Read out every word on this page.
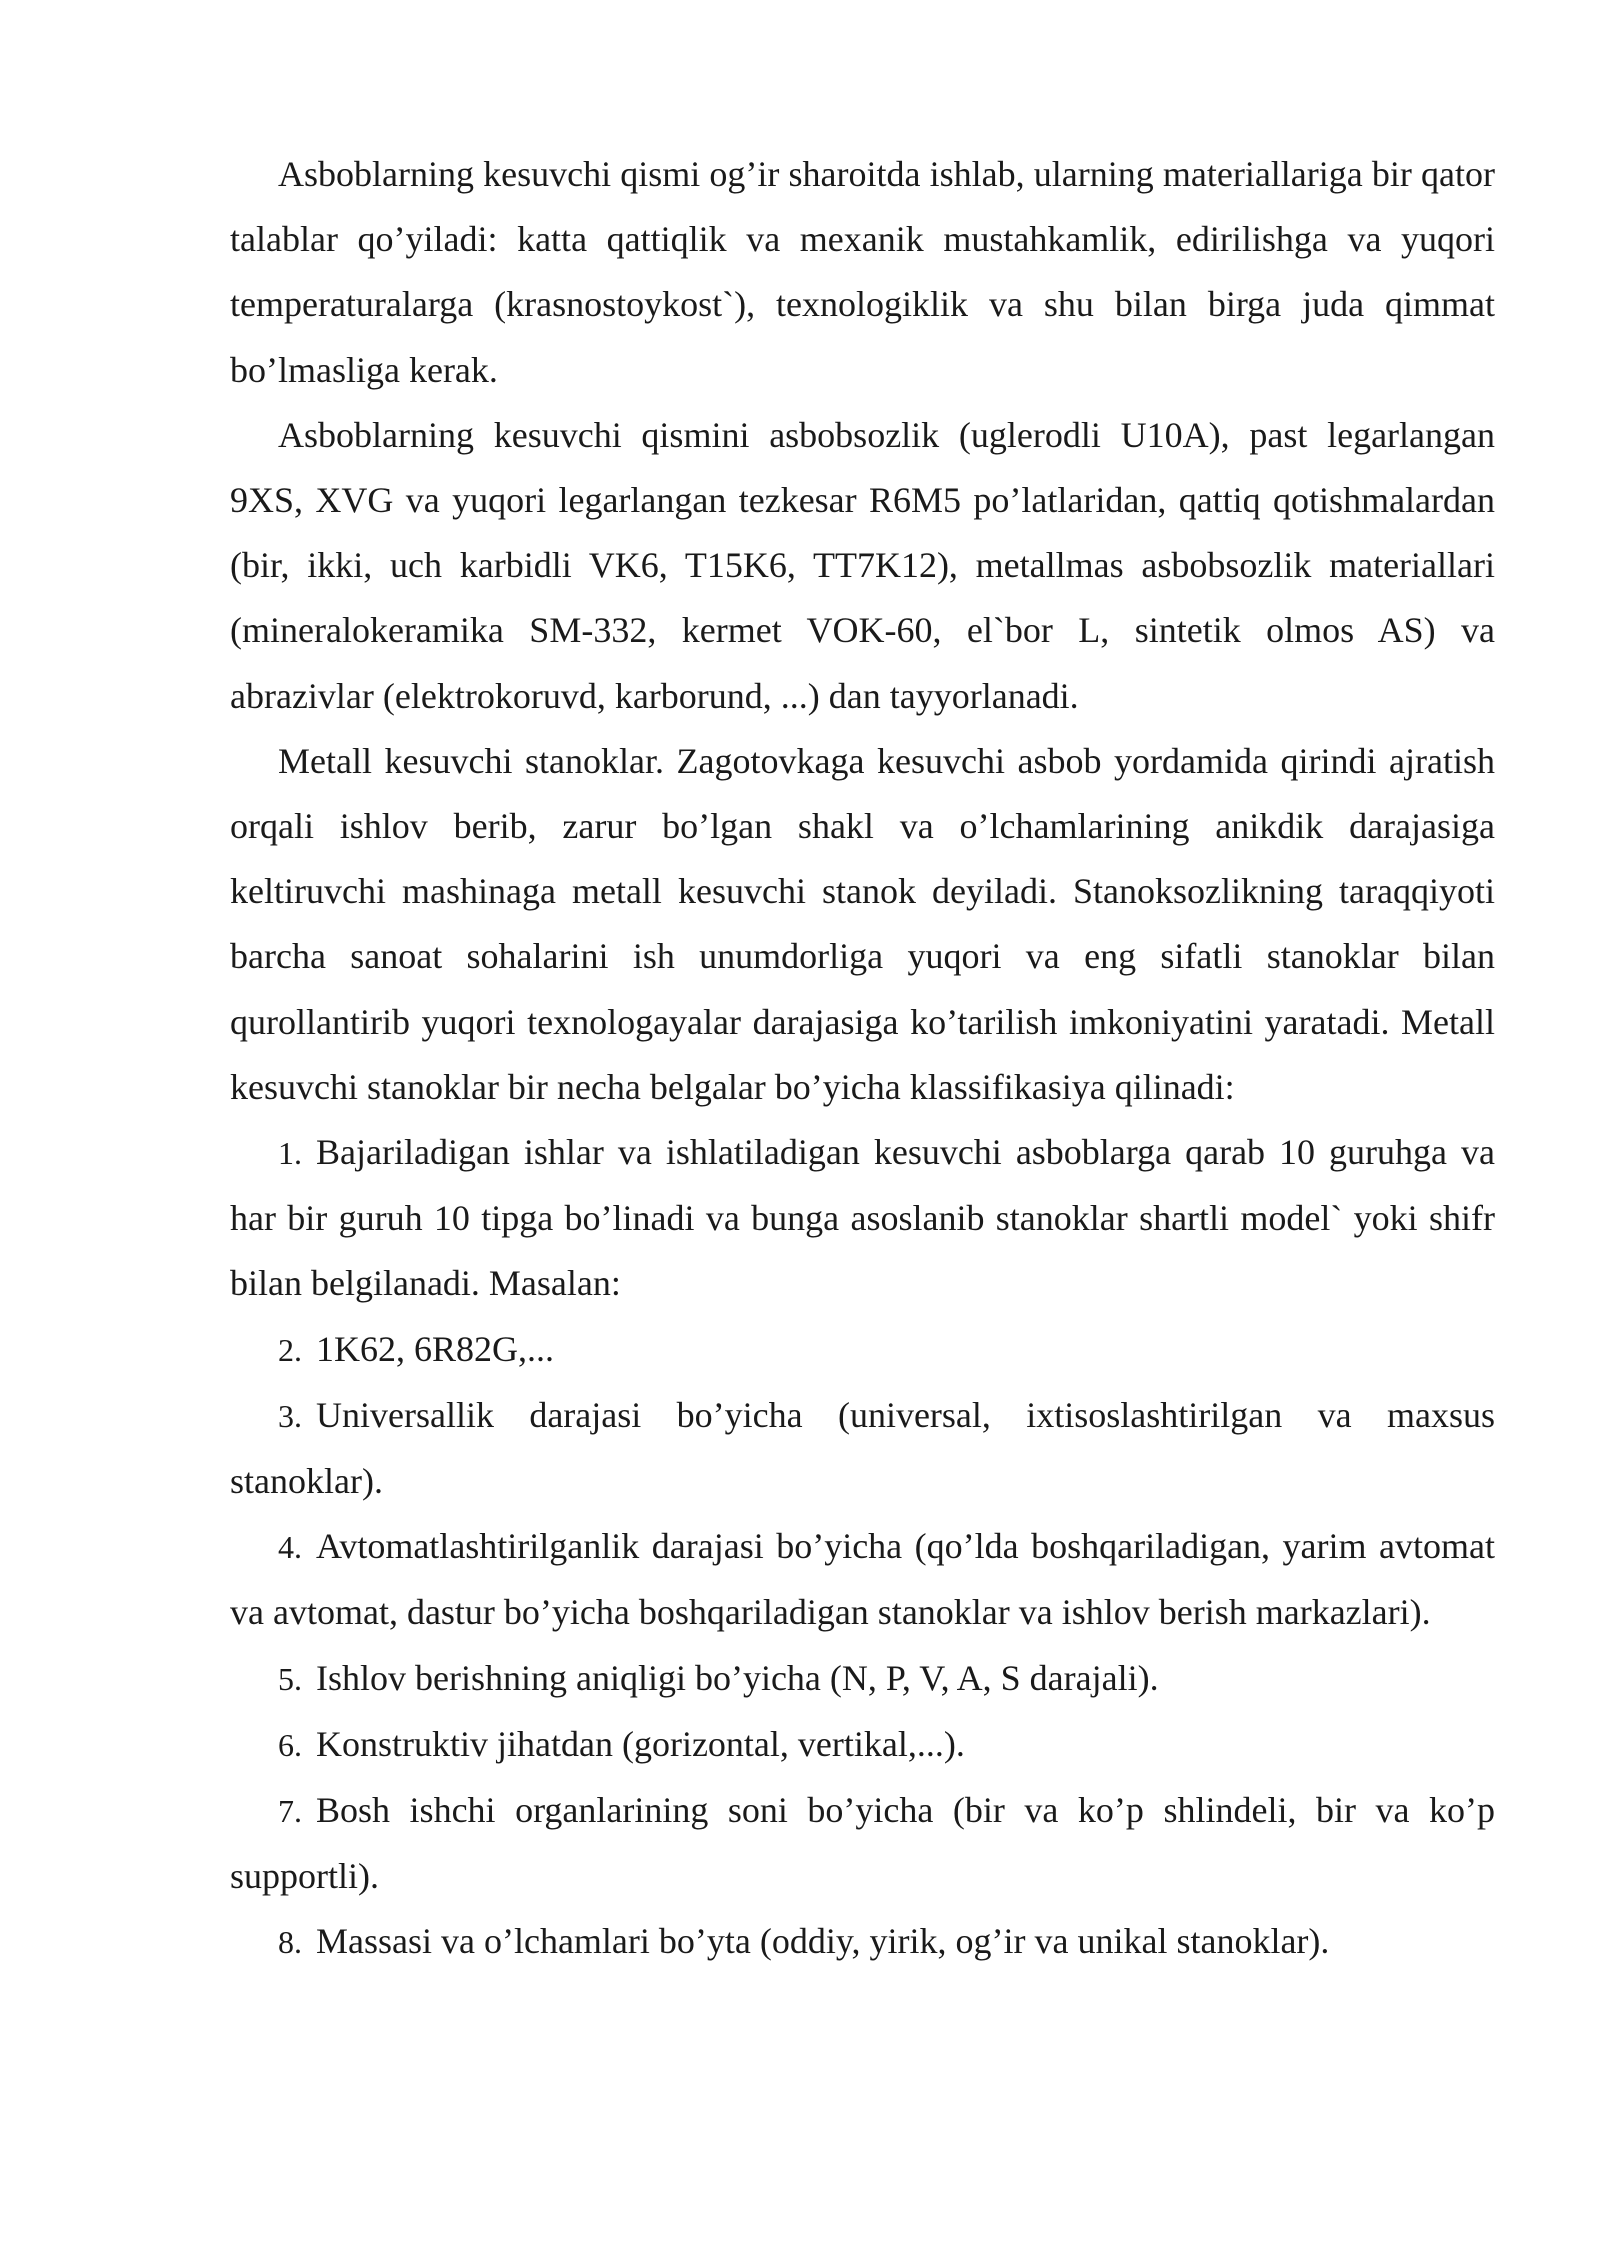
Asboblarning kesuvchi qismi og’ir sharoitda ishlab, ularning materiallariga bir qator talablar qo’yiladi: katta qattiqlik va mexanik mustahkamlik, edirilishga va yuqori temperaturalarga (krasnostoykost`), texnologiklik va shu bilan birga juda qimmat bo’lmasliga kerak.

Asboblarning kesuvchi qismini asbobsozlik (uglerodli U10A), past legarlangan 9XS, XVG va yuqori legarlangan tezkesar R6M5 po’latlaridan, qattiq qotishmalardan (bir, ikki, uch karbidli VK6, T15K6, TT7K12), metallmas asbobsozlik materiallari (mineralokeramika SM-332, kermet VOK-60, el`bor L, sintetik olmos AS) va abrazivlar (elektrokoruvd, karborund, ...) dan tayyorlanadi.

Metall kesuvchi stanoklar. Zagotovkaga kesuvchi asbob yordamida qirindi ajratish orqali ishlov berib, zarur bo’lgan shakl va o’lchamlarining anikdik darajasiga keltiruvchi mashinaga metall kesuvchi stanok deyiladi. Stanoksozlikning taraqqiyoti barcha sanoat sohalarini ish unumdorliga yuqori va eng sifatli stanoklar bilan qurollantirib yuqori texnologayalar darajasiga ko’tarilish imkoniyatini yaratadi. Metall kesuvchi stanoklar bir necha belgalar bo’yicha klassifikasiya qilinadi:

1. Bajariladigan ishlar va ishlatiladigan kesuvchi asboblarga qarab 10 guruhga va har bir guruh 10 tipga bo’linadi va bunga asoslanib stanoklar shartli model` yoki shifr bilan belgilanadi. Masalan:

2. 1K62, 6R82G,...

3. Universallik darajasi bo’yicha (universal, ixtisoslashtirilgan va maxsus stanoklar).

4. Avtomatlashtirilganlik darajasi bo’yicha (qo’lda boshqariladigan, yarim avtomat va avtomat, dastur bo’yicha boshqariladigan stanoklar va ishlov berish markazlari).

5. Ishlov berishning aniqligi bo’yicha (N, P, V, A, S darajali).

6. Konstruktiv jihatdan (gorizontal, vertikal,...).

7. Bosh ishchi organlarining soni bo’yicha (bir va ko’p shlindeli, bir va ko’p supportli).

8. Massasi va o’lchamlari bo’yta (oddiy, yirik, og’ir va unikal stanoklar).
